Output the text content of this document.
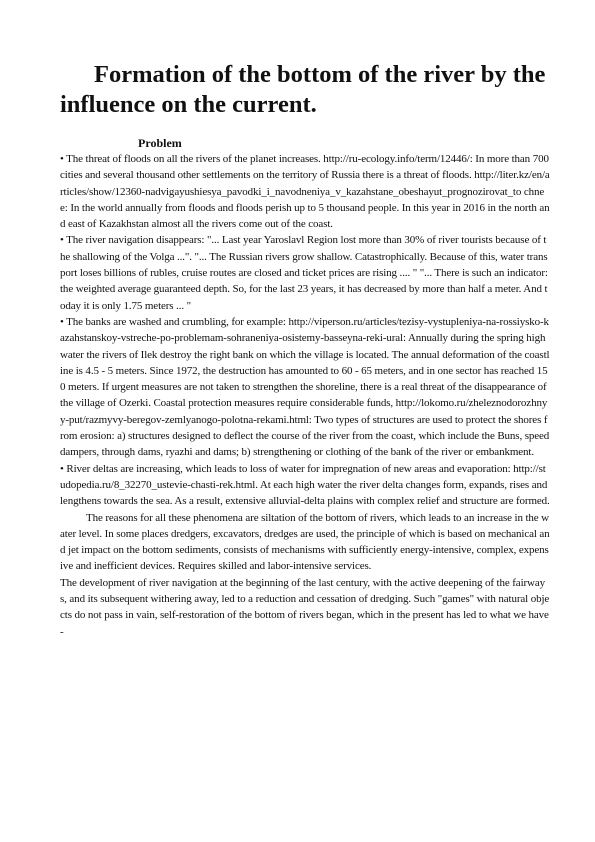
Formation of the bottom of the river by the influence on the current.
Problem

• The threat of floods on all the rivers of the planet increases. http://ru-ecology.info/term/12446/: In more than 700 cities and several thousand other settlements on the territory of Russia there is a threat of floods. http://liter.kz/en/articles/show/12360-nadvigayushiesya_pavodki_i_navodneniya_v_kazahstane_obeshayut_prognozirovat_to chnee: In the world annually from floods and floods perish up to 5 thousand people. In this year in 2016 in the north and east of Kazakhstan almost all the rivers come out of the coast.

• The river navigation disappears: "... Last year Yaroslavl Region lost more than 30% of river tourists because of the shallowing of the Volga ...". "... The Russian rivers grow shallow. Catastrophically. Because of this, water transport loses billions of rubles, cruise routes are closed and ticket prices are rising .... " "... There is such an indicator: the weighted average guaranteed depth. So, for the last 23 years, it has decreased by more than half a meter. And today it is only 1.75 meters ... "

• The banks are washed and crumbling, for example: http://viperson.ru/articles/tezisy-vystupleniya-na-rossiysko-kazahstanskoy-vstreche-po-problemam-sohraneniya-osistemy-basseyna-reki-ural: Annually during the spring high water the rivers of Ilek destroy the right bank on which the village is located. The annual deformation of the coastline is 4.5 - 5 meters. Since 1972, the destruction has amounted to 60 - 65 meters, and in one sector has reached 150 meters. If urgent measures are not taken to strengthen the shoreline, there is a real threat of the disappearance of the village of Ozerki. Coastal protection measures require considerable funds, http://lokomo.ru/zheleznodorozhnyy-put/razmyvy-beregov-zemlyanogo-polotna-rekami.html: Two types of structures are used to protect the shores from erosion: a) structures designed to deflect the course of the river from the coast, which include the Buns, speed dampers, through dams, ryazhi and dams; b) strengthening or clothing of the bank of the river or embankment.

• River deltas are increasing, which leads to loss of water for impregnation of new areas and evaporation: http://studopedia.ru/8_32270_ustevie-chasti-rek.html. At each high water the river delta changes form, expands, rises and lengthens towards the sea. As a result, extensive alluvial-delta plains with complex relief and structure are formed.

The reasons for all these phenomena are siltation of the bottom of rivers, which leads to an increase in the water level. In some places dredgers, excavators, dredges are used, the principle of which is based on mechanical and jet impact on the bottom sediments, consists of mechanisms with sufficiently energy-intensive, complex, expensive and inefficient devices. Requires skilled and labor-intensive services.

The development of river navigation at the beginning of the last century, with the active deepening of the fairways, and its subsequent withering away, led to a reduction and cessation of dredging. Such "games" with natural objects do not pass in vain, self-restoration of the bottom of rivers began, which in the present has led to what we have -
